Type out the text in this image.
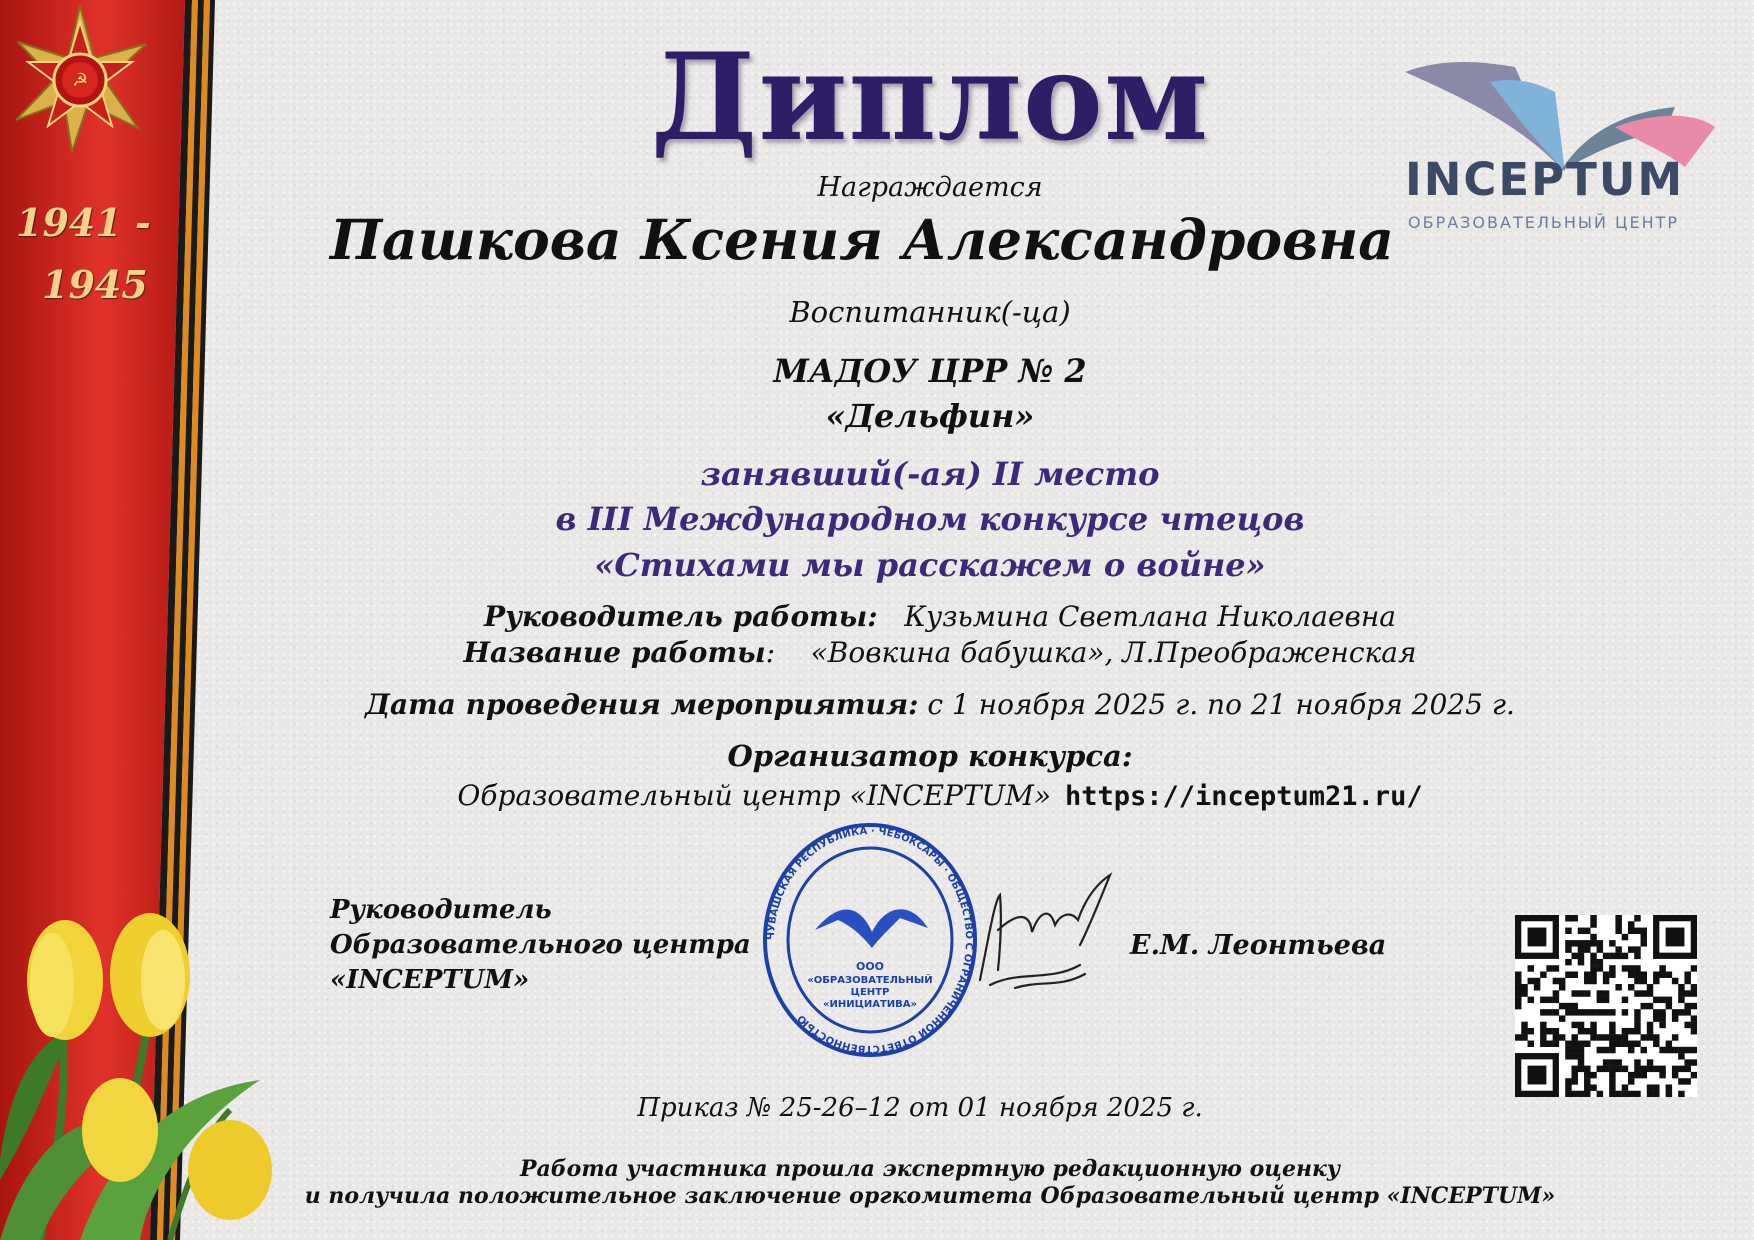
☭
1941 -
1945
Диплом
INCEPTUM
ОБРАЗОВАТЕЛЬНЫЙ ЦЕНТР
Награждается
Пашкова Ксения Александровна
Воспитанник(-ца)
МАДОУ ЦРР № 2
«Дельфин»
занявший(-ая) II место
в III Международном конкурсе чтецов
«Стихами мы расскажем о войне»
Руководитель работы: Кузьмина Светлана Николаевна
Название работы: «Вовкина бабушка», Л.Преображенская
Дата проведения мероприятия: с 1 ноября 2025 г. по 21 ноября 2025 г.
Организатор конкурса:
Образовательный центр «INCEPTUM» https://inceptum21.ru/
Руководитель
Образовательного центра
«INCEPTUM»
ЧУВАШСКАЯ РЕСПУБЛИКА · ЧЕБОКСАРЫ · ОБЩЕСТВО С ОГРАНИЧЕННОЙ ОТВЕТСТВЕННОСТЬЮ
ООО
«ОБРАЗОВАТЕЛЬНЫЙ
ЦЕНТР
«ИНИЦИАТИВА»
Е.М. Леонтьева
Приказ № 25-26–12 от 01 ноября 2025 г.
Работа участника прошла экспертную редакционную оценку
и получила положительное заключение оргкомитета Образовательный центр «INCEPTUM»
